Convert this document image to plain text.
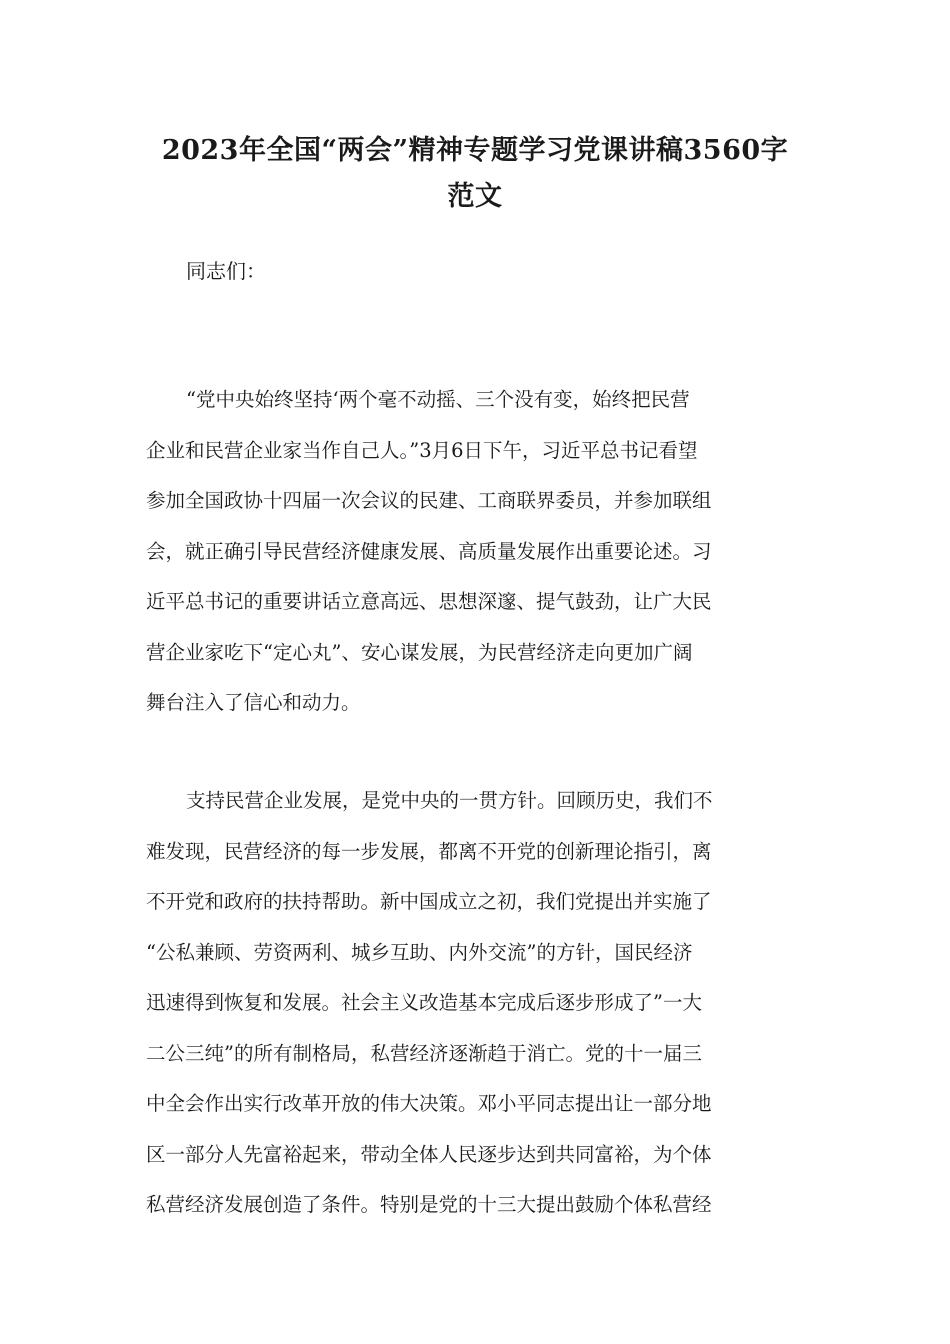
2023年全国“两会”精神专题学习党课讲稿3560字
范文

同志们：

“党中央始终坚持‘两个毫不动摇、三个没有变，始终把民营
企业和民营企业家当作自己人。”3月6日下午，习近平总书记看望
参加全国政协十四届一次会议的民建、工商联界委员，并参加联组
会，就正确引导民营经济健康发展、高质量发展作出重要论述。习
近平总书记的重要讲话立意高远、思想深邃、提气鼓劲，让广大民
营企业家吃下“定心丸”、安心谋发展，为民营经济走向更加广阔
舞台注入了信心和动力。
支持民营企业发展，是党中央的一贯方针。回顾历史，我们不
难发现，民营经济的每一步发展，都离不开党的创新理论指引，离
不开党和政府的扶持帮助。新中国成立之初，我们党提出并实施了
“公私兼顾、劳资两利、城乡互助、内外交流”的方针，国民经济
迅速得到恢复和发展。社会主义改造基本完成后逐步形成了”一大
二公三纯”的所有制格局，私营经济逐渐趋于消亡。党的十一届三
中全会作出实行改革开放的伟大决策。邓小平同志提出让一部分地
区一部分人先富裕起来，带动全体人民逐步达到共同富裕，为个体
私营经济发展创造了条件。特别是党的十三大提出鼓励个体私营经
